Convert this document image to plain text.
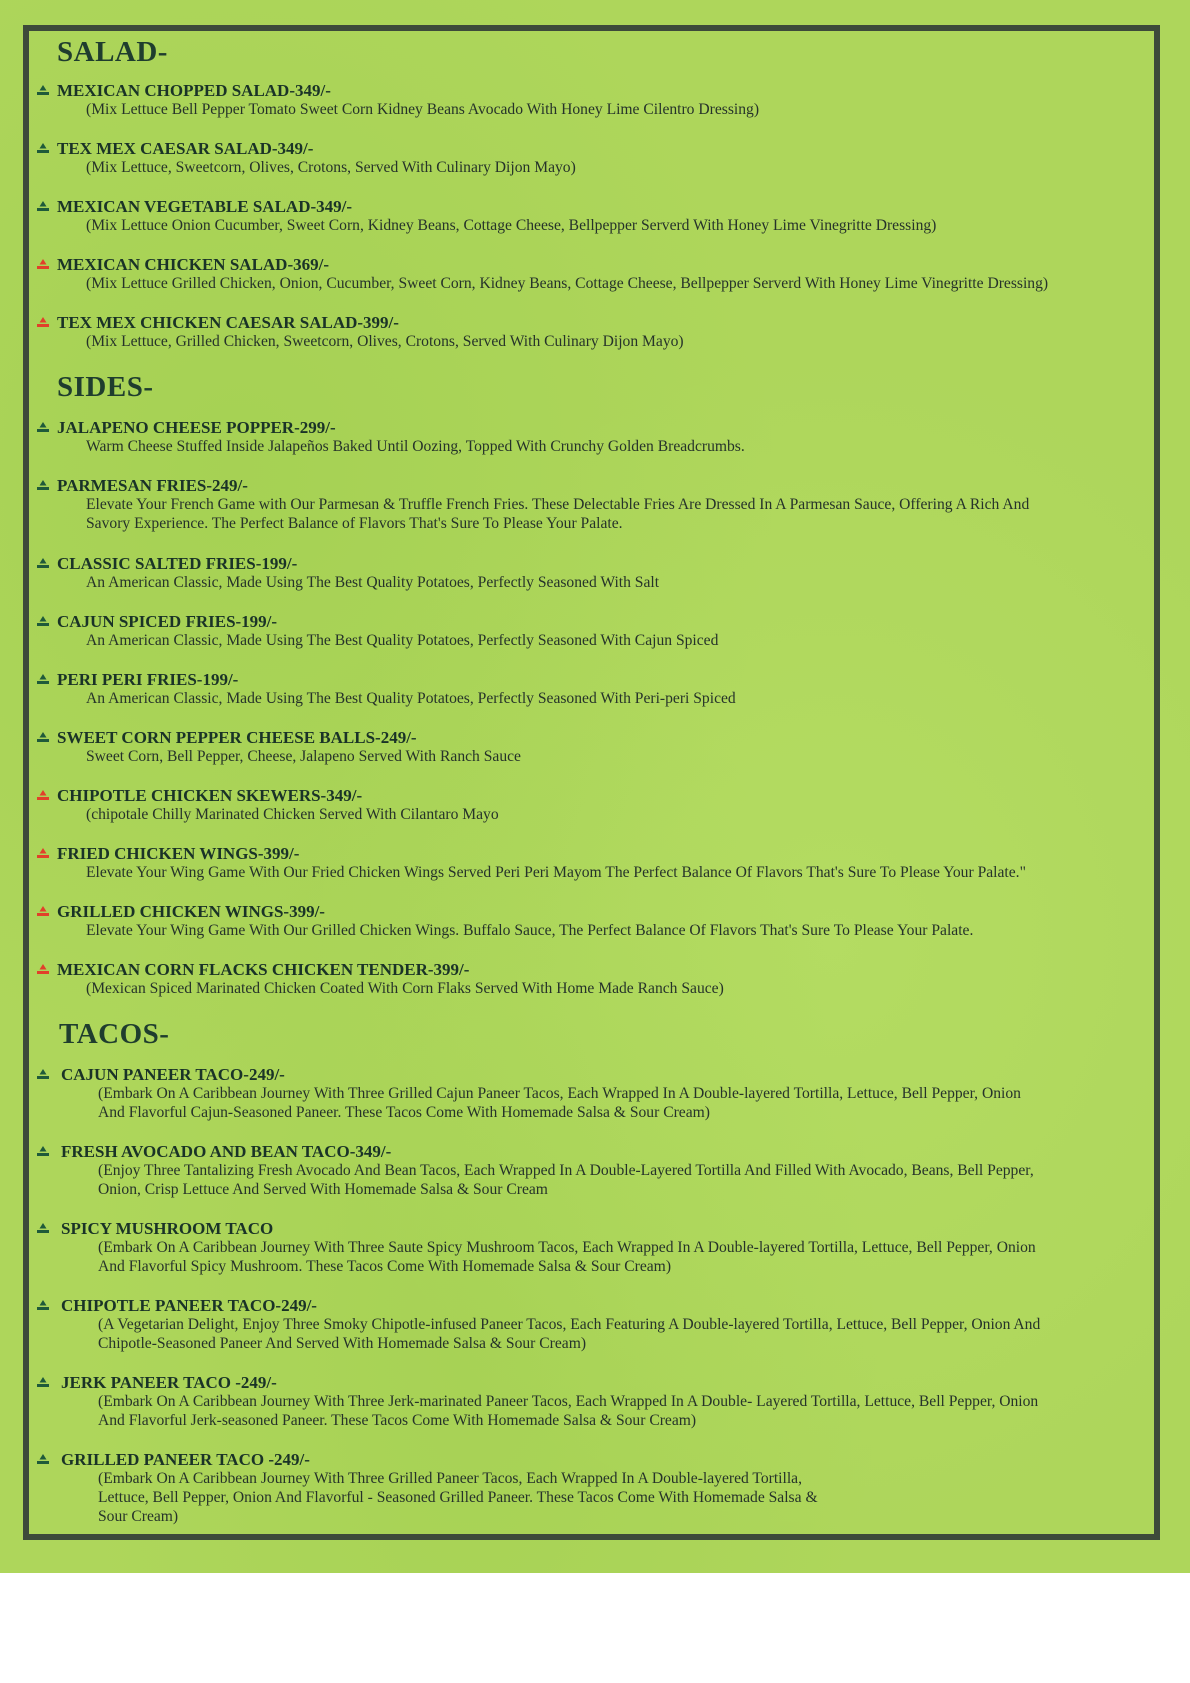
SALAD-
MEXICAN CHOPPED SALAD-349/-
(Mix Lettuce Bell Pepper Tomato Sweet Corn Kidney Beans Avocado With Honey Lime Cilentro Dressing)
TEX MEX CAESAR SALAD-349/-
(Mix Lettuce, Sweetcorn, Olives, Crotons, Served With Culinary Dijon Mayo)
MEXICAN VEGETABLE SALAD-349/-
(Mix Lettuce Onion Cucumber, Sweet Corn, Kidney Beans, Cottage Cheese, Bellpepper Serverd With Honey Lime Vinegritte Dressing)
MEXICAN CHICKEN SALAD-369/-
(Mix Lettuce Grilled Chicken, Onion, Cucumber, Sweet Corn, Kidney Beans, Cottage Cheese, Bellpepper Serverd With Honey Lime Vinegritte Dressing)
TEX MEX CHICKEN CAESAR SALAD-399/-
(Mix Lettuce, Grilled Chicken, Sweetcorn, Olives, Crotons, Served With Culinary Dijon Mayo)
SIDES-
JALAPENO CHEESE POPPER-299/-
Warm Cheese Stuffed Inside Jalapeños Baked Until Oozing, Topped With Crunchy Golden Breadcrumbs.
PARMESAN FRIES-249/-
Elevate Your French Game with Our Parmesan & Truffle French Fries. These Delectable Fries Are Dressed In A Parmesan Sauce, Offering A Rich And
Savory Experience. The Perfect Balance of Flavors That's Sure To Please Your Palate.
CLASSIC SALTED FRIES-199/-
An American Classic, Made Using The Best Quality Potatoes, Perfectly Seasoned With Salt
CAJUN SPICED FRIES-199/-
An American Classic, Made Using The Best Quality Potatoes, Perfectly Seasoned With Cajun Spiced
PERI PERI FRIES-199/-
An American Classic, Made Using The Best Quality Potatoes, Perfectly Seasoned With Peri-peri Spiced
SWEET CORN PEPPER CHEESE BALLS-249/-
Sweet Corn, Bell Pepper, Cheese, Jalapeno Served With Ranch Sauce
CHIPOTLE CHICKEN SKEWERS-349/-
(chipotale Chilly Marinated Chicken Served With Cilantaro Mayo
FRIED CHICKEN WINGS-399/-
Elevate Your Wing Game With Our Fried Chicken Wings Served Peri Peri Mayom The Perfect Balance Of Flavors That's Sure To Please Your Palate."
GRILLED CHICKEN WINGS-399/-
Elevate Your Wing Game With Our Grilled Chicken Wings. Buffalo Sauce, The Perfect Balance Of Flavors That's Sure To Please Your Palate.
MEXICAN CORN FLACKS CHICKEN TENDER-399/-
(Mexican Spiced Marinated Chicken Coated With Corn Flaks Served With Home Made Ranch Sauce)
TACOS-
CAJUN PANEER TACO-249/-
(Embark On A Caribbean Journey With Three Grilled Cajun Paneer Tacos, Each Wrapped In A Double-layered Tortilla, Lettuce, Bell Pepper, Onion
And Flavorful Cajun-Seasoned Paneer. These Tacos Come With Homemade Salsa & Sour Cream)
FRESH AVOCADO AND BEAN TACO-349/-
(Enjoy Three Tantalizing Fresh Avocado And Bean Tacos, Each Wrapped In A Double-Layered Tortilla And Filled With Avocado, Beans, Bell Pepper,
Onion, Crisp Lettuce And Served With Homemade Salsa & Sour Cream
SPICY MUSHROOM TACO
(Embark On A Caribbean Journey With Three Saute Spicy Mushroom Tacos, Each Wrapped In A Double-layered Tortilla, Lettuce, Bell Pepper, Onion
And Flavorful Spicy Mushroom. These Tacos Come With Homemade Salsa & Sour Cream)
CHIPOTLE PANEER TACO-249/-
(A Vegetarian Delight, Enjoy Three Smoky Chipotle-infused Paneer Tacos, Each Featuring A Double-layered Tortilla, Lettuce, Bell Pepper, Onion And
Chipotle-Seasoned Paneer And Served With Homemade Salsa & Sour Cream)
JERK PANEER TACO -249/-
(Embark On A Caribbean Journey With Three Jerk-marinated Paneer Tacos, Each Wrapped In A Double- Layered Tortilla, Lettuce, Bell Pepper, Onion
And Flavorful Jerk-seasoned Paneer. These Tacos Come With Homemade Salsa & Sour Cream)
GRILLED PANEER TACO -249/-
(Embark On A Caribbean Journey With Three Grilled Paneer Tacos, Each Wrapped In A Double-layered Tortilla,
Lettuce, Bell Pepper, Onion And Flavorful - Seasoned Grilled Paneer. These Tacos Come With Homemade Salsa &
Sour Cream)
